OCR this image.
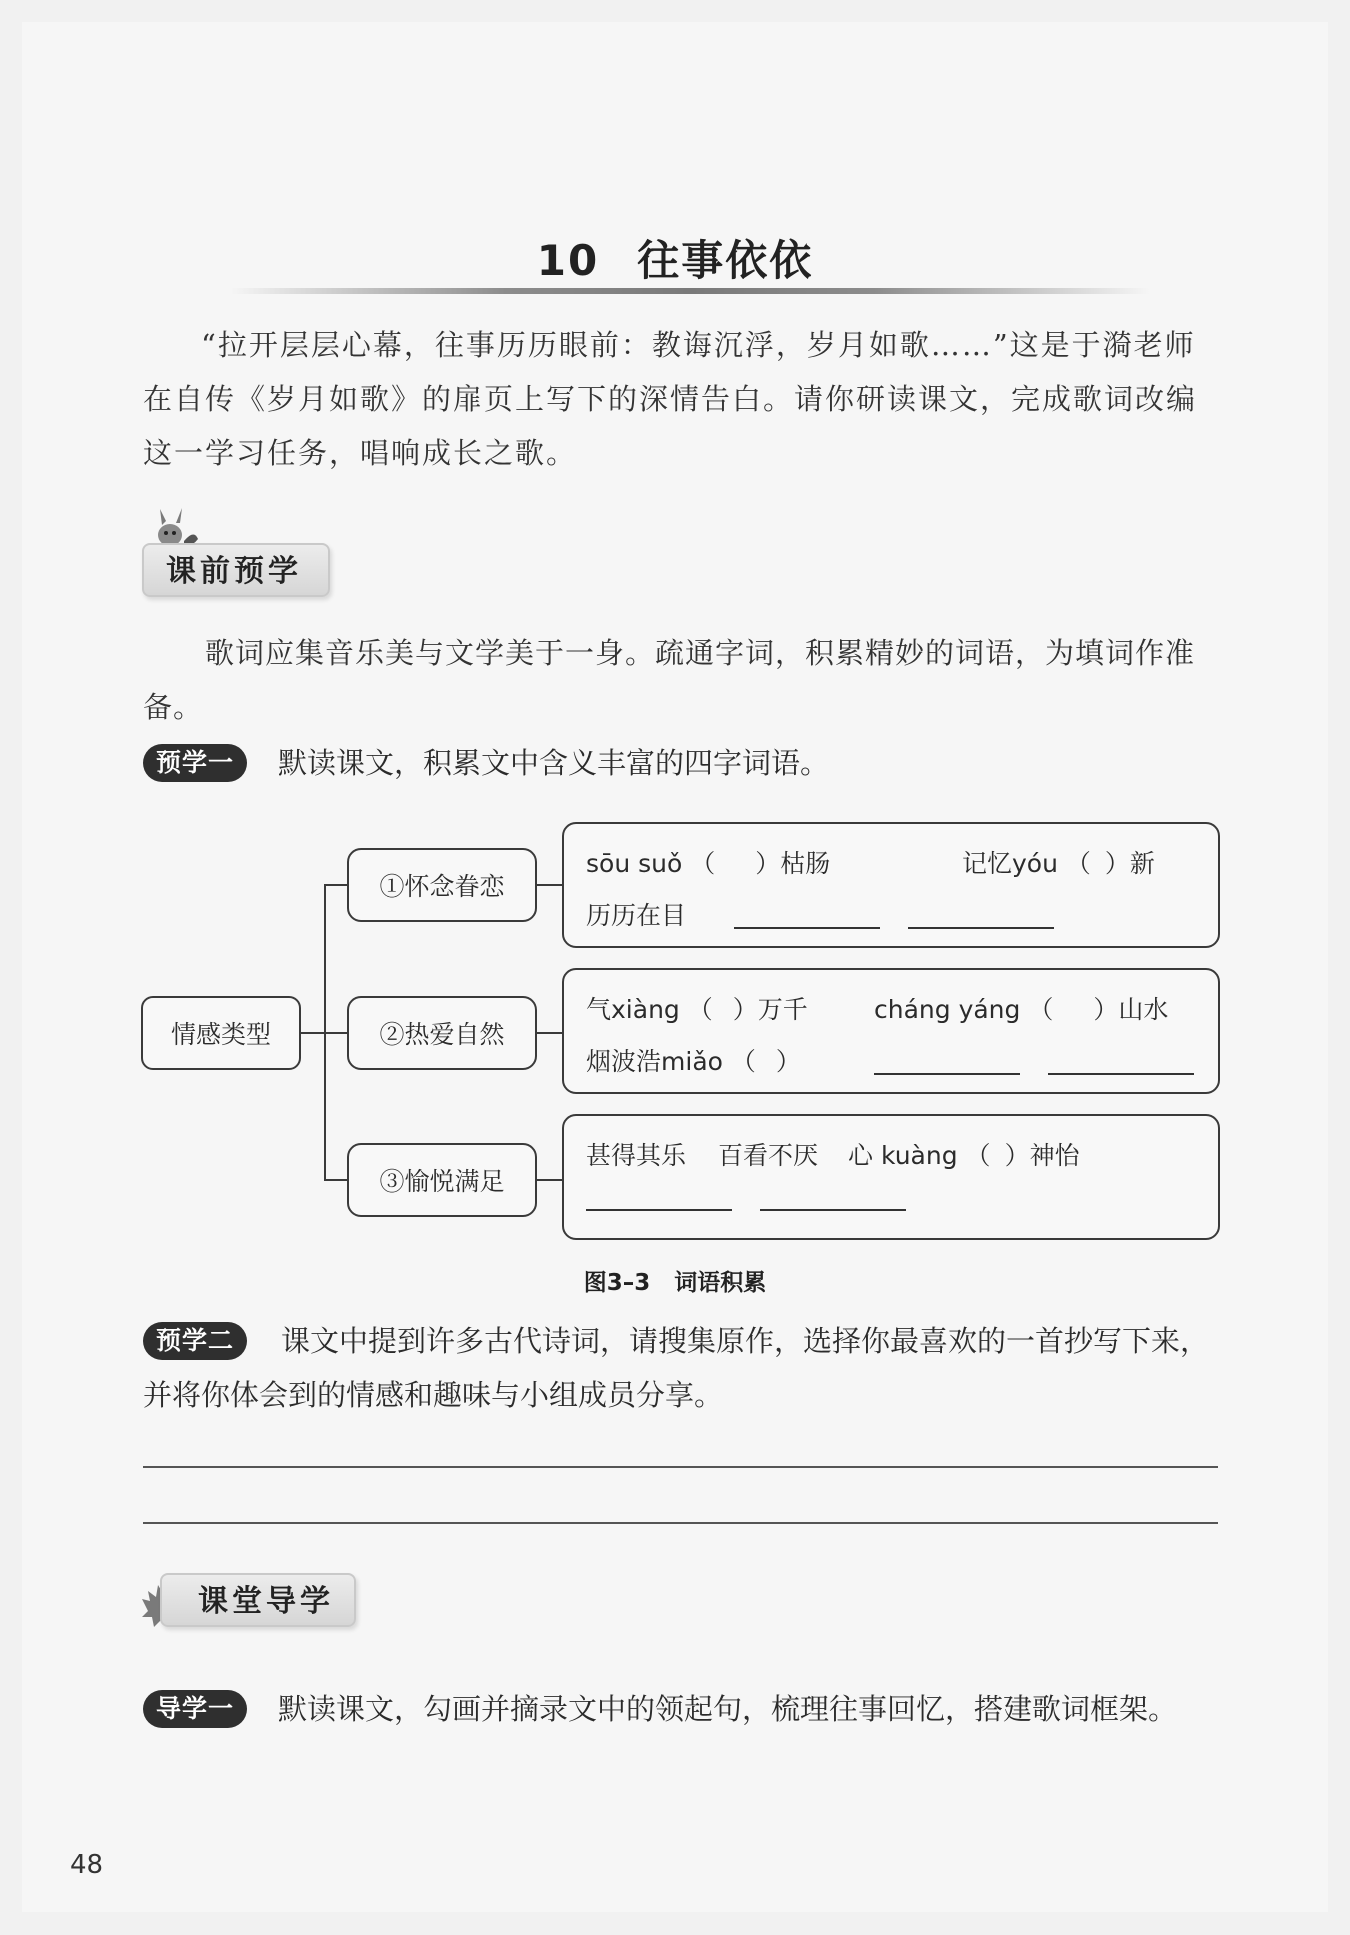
10 往事依依
“拉开层层心幕，往事历历眼前：教诲沉浮，岁月如歌……”这是于漪老师在自传《岁月如歌》的扉页上写下的深情告白。请你研读课文，完成歌词改编这一学习任务，唱响成长之歌。
课前预学
歌词应集音乐美与文学美于一身。疏通字词，积累精妙的词语，为填词作准备。
预学一	默读课文，积累文中含义丰富的四字词语。
情感类型
①怀念眷恋
②热爱自然
③愉悦满足
sōu suǒ （ ）枯肠	记忆yóu （ ）新
历历在目
气xiàng （ ）万千	cháng yáng （ ）山水
烟波浩miǎo （ ）
甚得其乐 百看不厌 心 kuàng （ ）神怡
图3–3 词语积累
预学二	课文中提到许多古代诗词，请搜集原作，选择你最喜欢的一首抄写下来，并将你体会到的情感和趣味与小组成员分享。
课堂导学
导学一	默读课文，勾画并摘录文中的领起句，梳理往事回忆，搭建歌词框架。
48
